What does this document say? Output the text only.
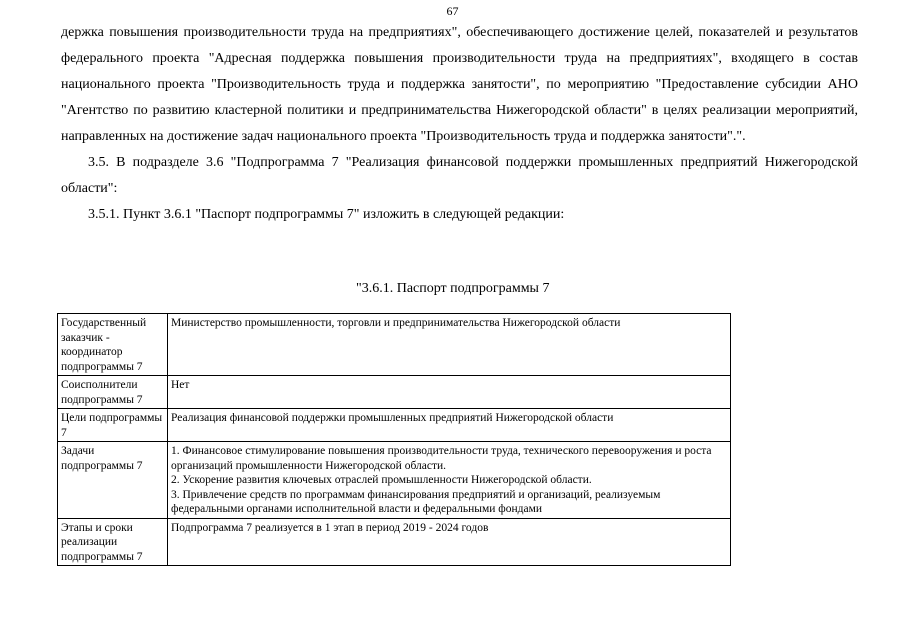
67

держка повышения производительности труда на предприятиях", обеспечивающего достижение целей, показателей и результатов федерального проекта "Адресная поддержка повышения производительности труда на предприятиях", входящего в состав национального проекта "Производительность труда и поддержка занятости", по мероприятию "Предоставление субсидии АНО "Агентство по развитию кластерной политики и предпринимательства Нижегородской области" в целях реализации мероприятий, направленных на достижение задач национального проекта "Производительность труда и поддержка занятости".".

3.5. В подразделе 3.6 "Подпрограмма 7 "Реализация финансовой поддержки промышленных предприятий Нижегородской области":

3.5.1. Пункт 3.6.1 "Паспорт подпрограммы 7" изложить в следующей редакции:

"3.6.1. Паспорт подпрограммы 7
Государственный заказчик - координатор подпрограммы 7	Министерство промышленности, торговли и предпринимательства Нижегородской области
Соисполнители подпрограммы 7	Нет
Цели подпрограммы 7	Реализация финансовой поддержки промышленных предприятий Нижегородской области
Задачи подпрограммы 7	1. Финансовое стимулирование повышения производительности труда, технического перевооружения и роста организаций промышленности Нижегородской области.
2. Ускорение развития ключевых отраслей промышленности Нижегородской области.
3. Привлечение средств по программам финансирования предприятий и организаций, реализуемым федеральными органами исполнительной власти и федеральными фондами

Этапы и сроки реализации подпрограммы 7	Подпрограмма 7 реализуется в 1 этап в период 2019 - 2024 годов
